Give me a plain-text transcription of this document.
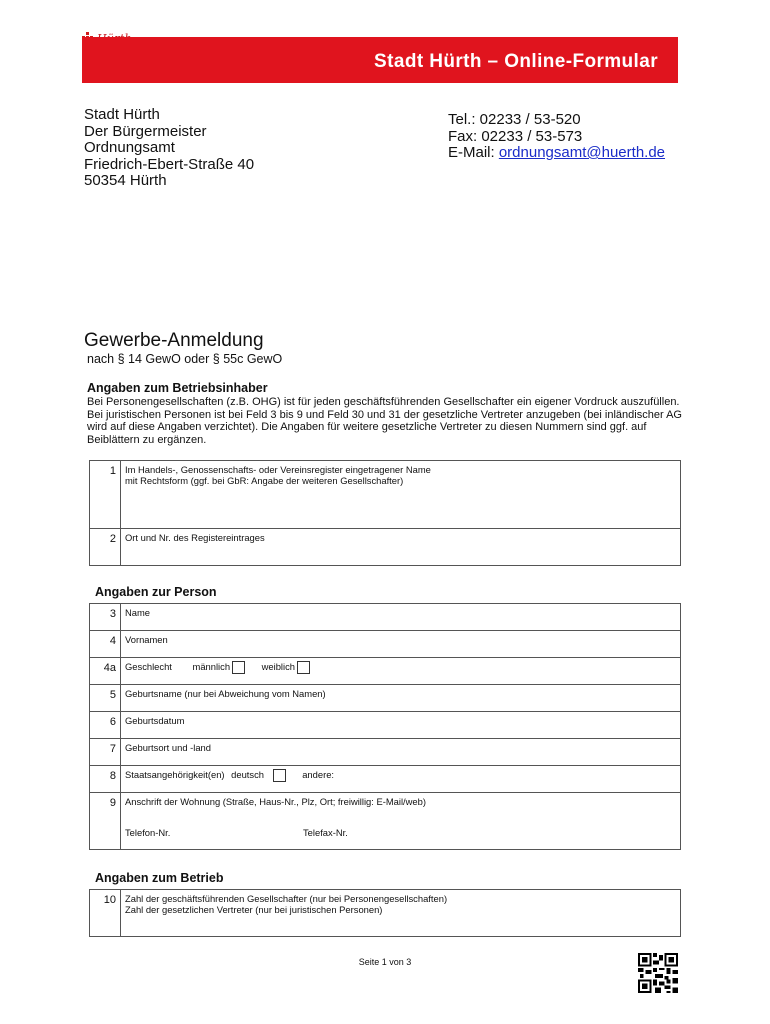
Stadt Hürth – Online-Formular
Stadt Hürth
Der Bürgermeister
Ordnungsamt
Friedrich-Ebert-Straße 40
50354 Hürth
Tel.: 02233 / 53-520
Fax: 02233 / 53-573
E-Mail: ordnungsamt@huerth.de
Gewerbe-Anmeldung
nach § 14 GewO oder § 55c GewO
Angaben zum Betriebsinhaber
Bei Personengesellschaften (z.B. OHG) ist für jeden geschäftsführenden Gesellschafter ein eigener Vordruck auszufüllen. Bei juristischen Personen ist bei Feld 3 bis 9 und Feld 30 und 31 der gesetzliche Vertreter anzugeben (bei inländischer AG wird auf diese Angaben verzichtet). Die Angaben für weitere gesetzliche Vertreter zu diesen Nummern sind ggf. auf Beiblättern zu ergänzen.
1	Im Handels-, Genossenschafts- oder Vereinsregister eingetragener Name
mit Rechtsform (ggf. bei GbR: Angabe der weiteren Gesellschafter)

2	Ort und Nr. des Registereintrages
Angaben zur Person
3	Name
4	Vornamen
4a	Geschlecht männlich weiblich
5	Geburtsname (nur bei Abweichung vom Namen)
6	Geburtsdatum
7	Geburtsort und -land
8	Staatsangehörigkeit(en) deutsch andere:
9	Anschrift der Wohnung (Straße, Haus-Nr., Plz, Ort; freiwillig: E-Mail/web)
Telefon-Nr. Telefax-Nr.
Angaben zum Betrieb
10	Zahl der geschäftsführenden Gesellschafter (nur bei Personengesellschaften)
Zahl der gesetzlichen Vertreter (nur bei juristischen Personen)
Seite 1 von 3
